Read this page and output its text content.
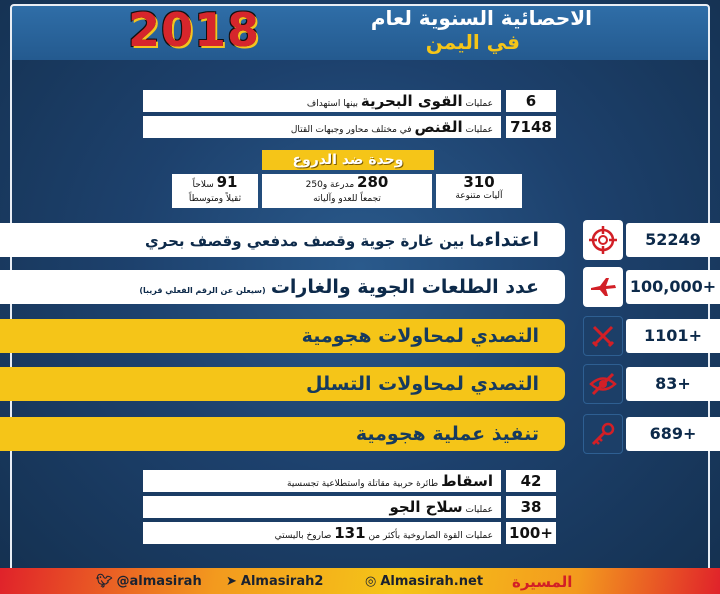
2018	الاحصائية السنوية لعام
في اليمن
عمليات القوى البحرية بينها استهداف	6
عمليات القنص في مختلف محاور وجبهات القتال	7148
وحدة ضد الدروع
310
آليات متنوعة
280 مدرعة و250
تجمعاً للعدو وآلياته
91 سلاحاً
ثقيلاً ومتوسطاً
اعتداءما بين غارة جوية وقصف مدفعي وقصف بحري	52249
عدد الطلعات الجوية والغارات (سيعلن عن الرقم الفعلي قريبا)	100,000+
التصدي لمحاولات هجومية	1101+
التصدي لمحاولات التسلل	83+
تنفيذ عملية هجومية	689+
اسقاط طائرة حربية مقاتلة واستطلاعية تجسسية	42
عمليات سلاح الجو	38
عمليات القوة الصاروخية بأكثر من 131 صاروخ باليستي	100+
🐦︎ @almasirah ➤ Almasirah2	◎ Almasirah.net المسيرة
